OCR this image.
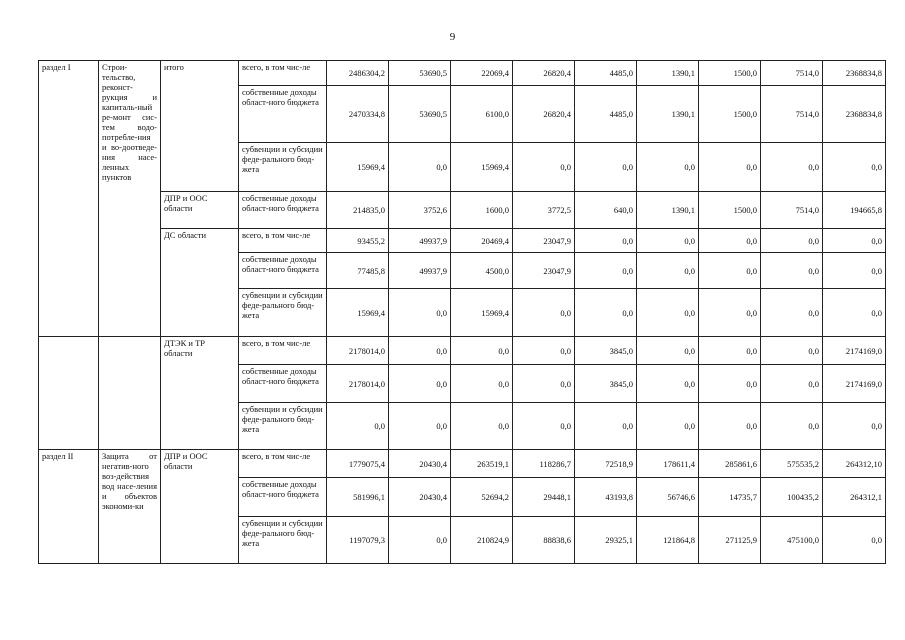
9
раздел I	Строи-тельство, реконст-рукция и капиталь-ный ре-монт сис-тем водо-потребле-ния и во-доотведе-ния насе-ленных пунктов	итого	всего, в том чис-ле	2486304,2	53690,5	22069,4	26820,4	4485,0	1390,1	1500,0	7514,0	2368834,8
			собственные доходы област-ного бюджета	2470334,8	53690,5	6100,0	26820,4	4485,0	1390,1	1500,0	7514,0	2368834,8
			субвенции и субсидии феде-рального бюд-жета	15969,4	0,0	15969,4	0,0	0,0	0,0	0,0	0,0	0,0
		ДПР и ООС области	собственные доходы област-ного бюджета	214835,0	3752,6	1600,0	3772,5	640,0	1390,1	1500,0	7514,0	194665,8
		ДС области	всего, в том чис-ле	93455,2	49937,9	20469,4	23047,9	0,0	0,0	0,0	0,0	0,0
			собственные доходы област-ного бюджета	77485,8	49937,9	4500,0	23047,9	0,0	0,0	0,0	0,0	0,0
			субвенции и субсидии феде-рального бюд-жета	15969,4	0,0	15969,4	0,0	0,0	0,0	0,0	0,0	0,0
		ДТЭК и ТР области	всего, в том чис-ле	2178014,0	0,0	0,0	0,0	3845,0	0,0	0,0	0,0	2174169,0
			собственные доходы област-ного бюджета	2178014,0	0,0	0,0	0,0	3845,0	0,0	0,0	0,0	2174169,0
			субвенции и субсидии феде-рального бюд-жета	0,0	0,0	0,0	0,0	0,0	0,0	0,0	0,0	0,0
раздел II	Защита от негатив-ного воз-действия вод насе-ления и объектов экономи-ки	ДПР и ООС области	всего, в том чис-ле	1779075,4	20430,4	263519,1	118286,7	72518,9	178611,4	285861,6	575535,2	264312,10
			собственные доходы област-ного бюджета	581996,1	20430,4	52694,2	29448,1	43193,8	56746,6	14735,7	100435,2	264312,1
			субвенции и субсидии феде-рального бюд-жета	1197079,3	0,0	210824,9	88838,6	29325,1	121864,8	271125,9	475100,0	0,0
